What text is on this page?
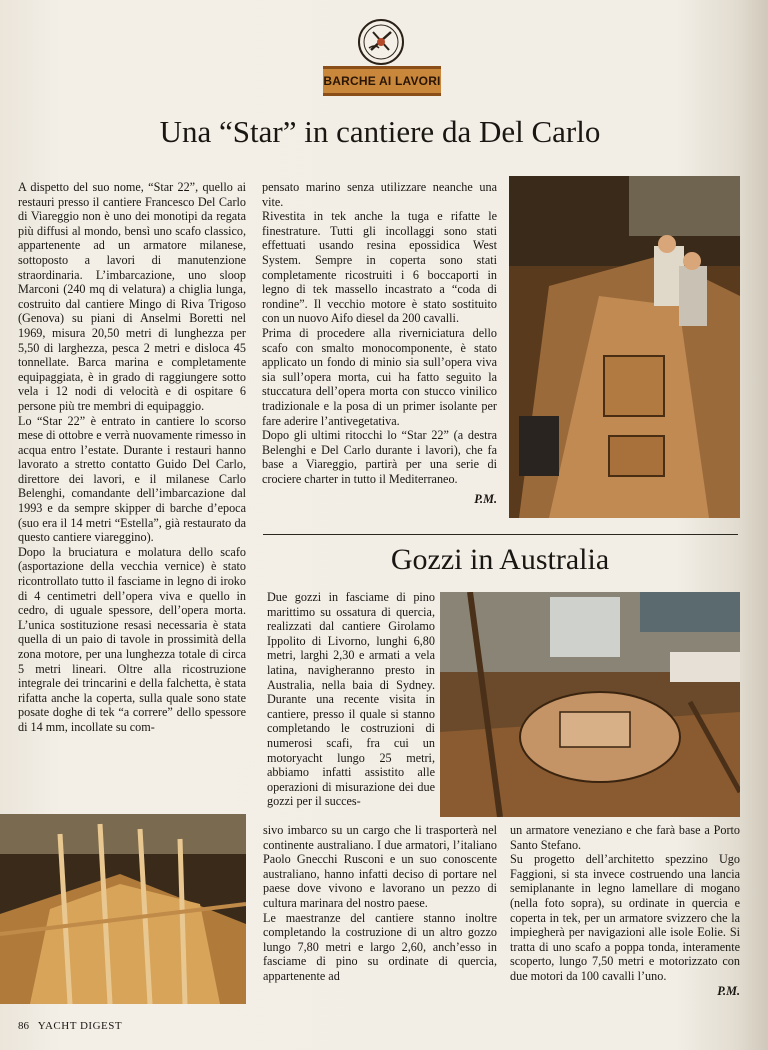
BARCHE AI LAVORI
Una “Star” in cantiere da Del Carlo

A dispetto del suo nome, “Star 22”, quello ai restauri presso il cantiere Francesco Del Carlo di Viareggio non è uno dei monotipi da regata più diffusi al mondo, bensì uno scafo classico, appartenente ad un armatore milanese, sottoposto a lavori di manutenzione straordinaria. L’imbarcazione, uno sloop Marconi (240 mq di velatura) a chiglia lunga, costruito dal cantiere Mingo di Riva Trigoso (Genova) su piani di Anselmi Boretti nel 1969, misura 20,50 metri di lunghezza per 5,50 di larghezza, pesca 2 metri e disloca 45 tonnellate. Barca marina e completamente equipaggiata, è in grado di raggiungere sotto vela i 12 nodi di velocità e di ospitare 6 persone più tre membri di equipaggio.

Lo “Star 22” è entrato in cantiere lo scorso mese di ottobre e verrà nuovamente rimesso in acqua entro l’estate. Durante i restauri hanno lavorato a stretto contatto Guido Del Carlo, direttore dei lavori, e il milanese Carlo Belenghi, comandante dell’imbarcazione dal 1993 e da sempre skipper di barche d’epoca (suo era il 14 metri “Estella”, già restaurato da questo cantiere viareggino).

Dopo la bruciatura e molatura dello scafo (asportazione della vecchia vernice) è stato ricontrollato tutto il fasciame in legno di iroko di 4 centimetri dell’opera viva e quello in cedro, di uguale spessore, dell’opera morta. L’unica sostituzione resasi necessaria è stata quella di un paio di tavole in prossimità della zona motore, per una lunghezza totale di circa 5 metri lineari. Oltre alla ricostruzione integrale dei trincarini e della falchetta, è stata rifatta anche la coperta, sulla quale sono state posate doghe di tek “a correre” dello spessore di 14 mm, incollate su com-

pensato marino senza utilizzare neanche una vite.

Rivestita in tek anche la tuga e rifatte le finestrature. Tutti gli incollaggi sono stati effettuati usando resina epossidica West System. Sempre in coperta sono stati completamente ricostruiti i 6 boccaporti in legno di tek massello incastrato a “coda di rondine”. Il vecchio motore è stato sostituito con un nuovo Aifo diesel da 200 cavalli.

Prima di procedere alla riverniciatura dello scafo con smalto monocomponente, è stato applicato un fondo di minio sia sull’opera viva sia sull’opera morta, cui ha fatto seguito la stuccatura dell’opera morta con stucco vinilico tradizionale e la posa di un primer isolante per fare aderire l’antivegetativa.

Dopo gli ultimi ritocchi lo “Star 22” (a destra Belenghi e Del Carlo durante i lavori), che fa base a Viareggio, partirà per una serie di crociere charter in tutto il Mediterraneo.

P.M.

Gozzi in Australia

Due gozzi in fasciame di pino marittimo su ossatura di quercia, realizzati dal cantiere Girolamo Ippolito di Livorno, lunghi 6,80 metri, larghi 2,30 e armati a vela latina, navigheranno presto in Australia, nella baia di Sydney. Durante una recente visita in cantiere, presso il quale si stanno completando le costruzioni di numerosi scafi, fra cui un motoryacht lungo 25 metri, abbiamo infatti assistito alle operazioni di misurazione dei due gozzi per il succes-

sivo imbarco su un cargo che li trasporterà nel continente australiano. I due armatori, l’italiano Paolo Gnecchi Rusconi e un suo conoscente australiano, hanno infatti deciso di portare nel paese dove vivono e lavorano un pezzo di cultura marinara del nostro paese.

Le maestranze del cantiere stanno inoltre completando la costruzione di un altro gozzo lungo 7,80 metri e largo 2,60, anch’esso in fasciame di pino su ordinate di quercia, appartenente ad

un armatore veneziano e che farà base a Porto Santo Stefano.

Su progetto dell’architetto spezzino Ugo Faggioni, si sta invece costruendo una lancia semiplanante in legno lamellare di mogano (nella foto sopra), su ordinate in quercia e coperta in tek, per un armatore svizzero che la impiegherà per navigazioni alle isole Eolie. Si tratta di uno scafo a poppa tonda, interamente scoperto, lungo 7,50 metri e motorizzato con due motori da 100 cavalli l’uno.

P.M.

86 YACHT DIGEST
